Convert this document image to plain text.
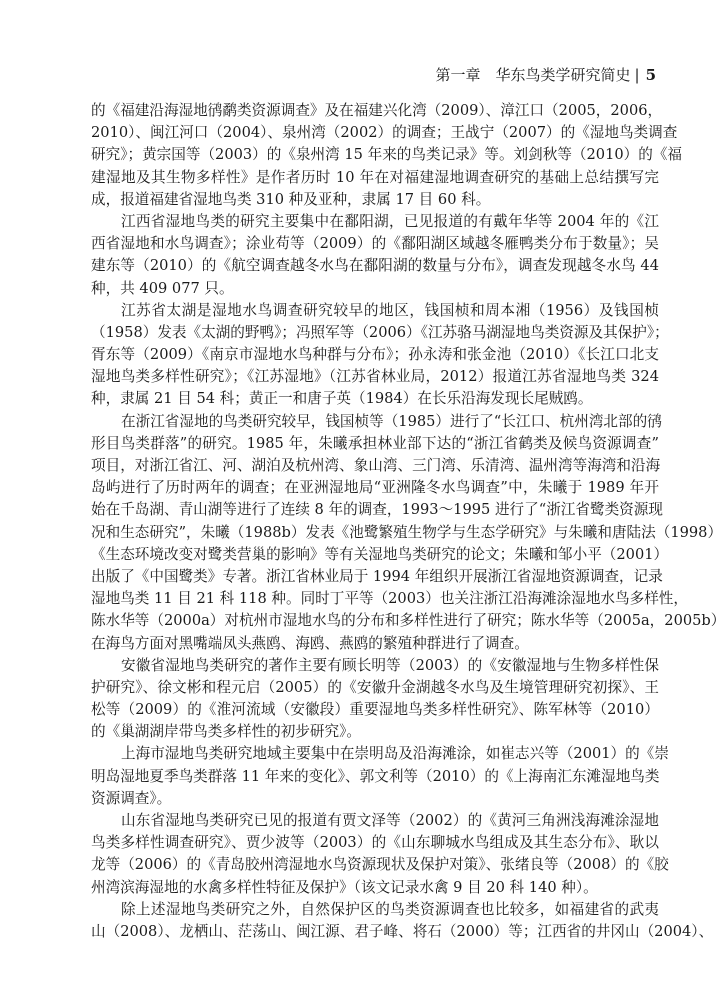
第一章　华东鸟类学研究简史 | 5
的《福建沿海湿地鸻鹬类资源调查》及在福建兴化湾（2009）、漳江口（2005，2006，
2010）、闽江河口（2004）、泉州湾（2002）的调查；王战宁（2007）的《湿地鸟类调查
研究》；黄宗国等（2003）的《泉州湾 15 年来的鸟类记录》等。刘剑秋等（2010）的《福
建湿地及其生物多样性》是作者历时 10 年在对福建湿地调查研究的基础上总结撰写完
成，报道福建省湿地鸟类 310 种及亚种，隶属 17 目 60 科。
江西省湿地鸟类的研究主要集中在鄱阳湖，已见报道的有戴年华等 2004 年的《江
西省湿地和水鸟调查》；涂业苟等（2009）的《鄱阳湖区域越冬雁鸭类分布于数量》；吴
建东等（2010）的《航空调查越冬水鸟在鄱阳湖的数量与分布》，调查发现越冬水鸟 44
种，共 409 077 只。
江苏省太湖是湿地水鸟调查研究较早的地区，钱国桢和周本湘（1956）及钱国桢
（1958）发表《太湖的野鸭》；冯照军等（2006）《江苏骆马湖湿地鸟类资源及其保护》；
胥东等（2009）《南京市湿地水鸟种群与分布》；孙永涛和张金池（2010）《长江口北支
湿地鸟类多样性研究》；《江苏湿地》（江苏省林业局，2012）报道江苏省湿地鸟类 324
种，隶属 21 目 54 科；黄正一和唐子英（1984）在长乐沿海发现长尾贼鸥。
在浙江省湿地的鸟类研究较早，钱国桢等（1985）进行了“长江口、杭州湾北部的鸻
形目鸟类群落”的研究。1985 年，朱曦承担林业部下达的“浙江省鹤类及候鸟资源调查”
项目，对浙江省江、河、湖泊及杭州湾、象山湾、三门湾、乐清湾、温州湾等海湾和沿海
岛屿进行了历时两年的调查；在亚洲湿地局“亚洲隆冬水鸟调查”中，朱曦于 1989 年开
始在千岛湖、青山湖等进行了连续 8 年的调查，1993～1995 进行了“浙江省鹭类资源现
况和生态研究”，朱曦（1988b）发表《池鹭繁殖生物学与生态学研究》与朱曦和唐陆法（1998）
《生态环境改变对鹭类营巢的影响》等有关湿地鸟类研究的论文；朱曦和邹小平（2001）
出版了《中国鹭类》专著。浙江省林业局于 1994 年组织开展浙江省湿地资源调查，记录
湿地鸟类 11 目 21 科 118 种。同时丁平等（2003）也关注浙江沿海滩涂湿地水鸟多样性，
陈水华等（2000a）对杭州市湿地水鸟的分布和多样性进行了研究；陈水华等（2005a，2005b）
在海鸟方面对黑嘴端凤头燕鸥、海鸥、燕鸥的繁殖种群进行了调查。
安徽省湿地鸟类研究的著作主要有顾长明等（2003）的《安徽湿地与生物多样性保
护研究》、徐文彬和程元启（2005）的《安徽升金湖越冬水鸟及生境管理研究初探》、王
松等（2009）的《淮河流域（安徽段）重要湿地鸟类多样性研究》、陈军林等（2010）
的《巢湖湖岸带鸟类多样性的初步研究》。
上海市湿地鸟类研究地域主要集中在崇明岛及沿海滩涂，如崔志兴等（2001）的《崇
明岛湿地夏季鸟类群落 11 年来的变化》、郭文利等（2010）的《上海南汇东滩湿地鸟类
资源调查》。
山东省湿地鸟类研究已见的报道有贾文泽等（2002）的《黄河三角洲浅海滩涂湿地
鸟类多样性调查研究》、贾少波等（2003）的《山东聊城水鸟组成及其生态分布》、耿以
龙等（2006）的《青岛胶州湾湿地水鸟资源现状及保护对策》、张绪良等（2008）的《胶
州湾滨海湿地的水禽多样性特征及保护》（该文记录水禽 9 目 20 科 140 种）。
除上述湿地鸟类研究之外，自然保护区的鸟类资源调查也比较多，如福建省的武夷
山（2008）、龙栖山、茫荡山、闽江源、君子峰、将石（2000）等；江西省的井冈山（2004）、
